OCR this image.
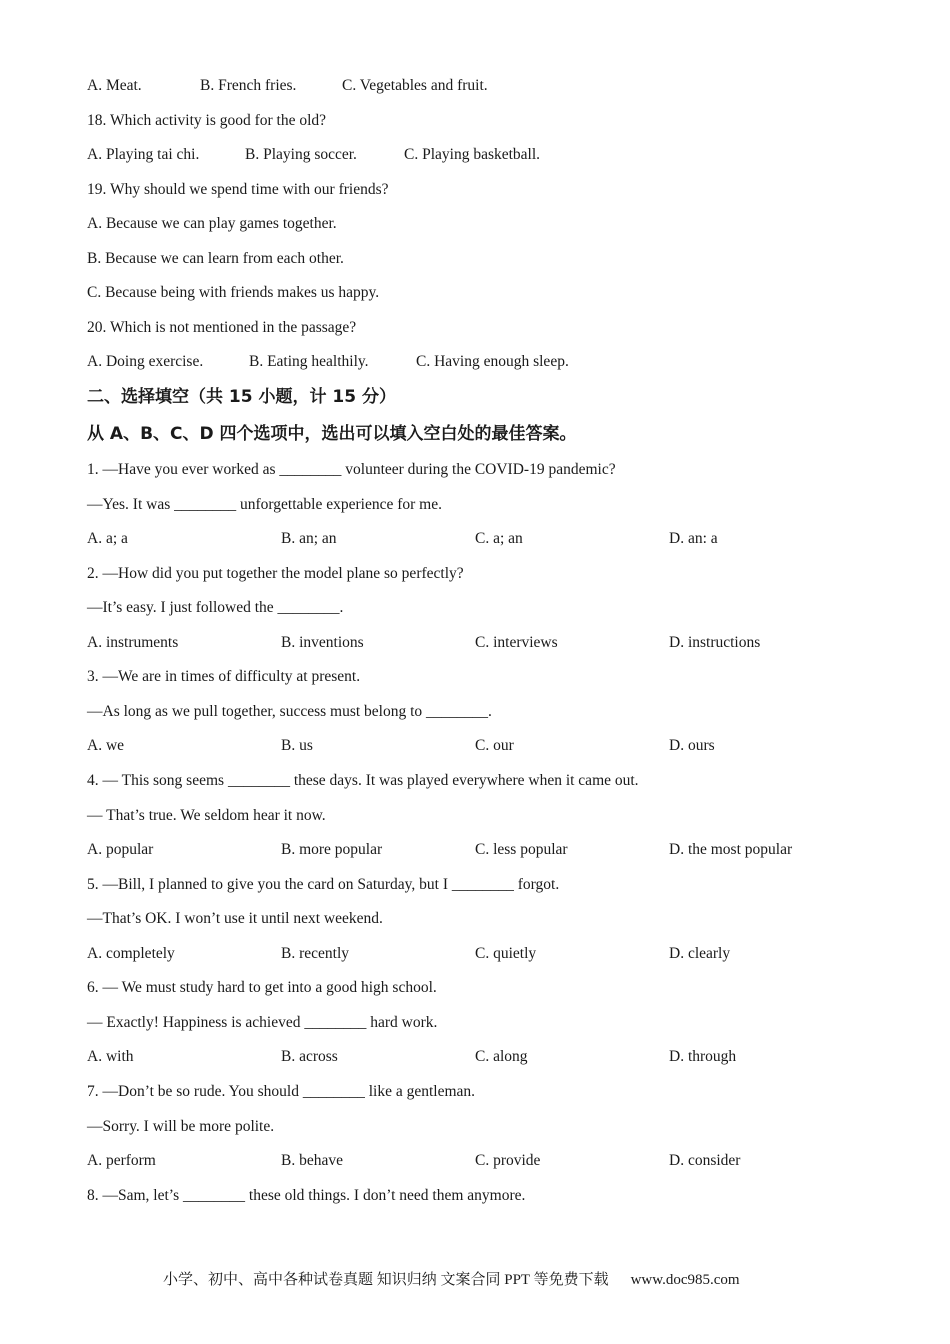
A. Meat.	B. French fries.	C. Vegetables and fruit.
18. Which activity is good for the old?
A. Playing tai chi.	B. Playing soccer.	C. Playing basketball.
19. Why should we spend time with our friends?
A. Because we can play games together.
B. Because we can learn from each other.
C. Because being with friends makes us happy.
20. Which is not mentioned in the passage?
A. Doing exercise.	B. Eating healthily.	C. Having enough sleep.
二、选择填空（共 15 小题，计 15 分）
从 A、B、C、D 四个选项中，选出可以填入空白处的最佳答案。
1. —Have you ever worked as ________ volunteer during the COVID-19 pandemic?
—Yes. It was ________ unforgettable experience for me.
A. a; a	B. an; an	C. a; an	D. an: a
2. —How did you put together the model plane so perfectly?
—It’s easy. I just followed the ________.
A. instruments	B. inventions	C. interviews	D. instructions
3. —We are in times of difficulty at present.
—As long as we pull together, success must belong to ________.
A. we	B. us	C. our	D. ours
4. — This song seems ________ these days. It was played everywhere when it came out.
— That’s true. We seldom hear it now.
A. popular	B. more popular	C. less popular	D. the most popular
5. —Bill, I planned to give you the card on Saturday, but I ________ forgot.
—That’s OK. I won’t use it until next weekend.
A. completely	B. recently	C. quietly	D. clearly
6. — We must study hard to get into a good high school.
— Exactly! Happiness is achieved ________ hard work.
A. with	B. across	C. along	D. through
7. —Don’t be so rude. You should ________ like a gentleman.
—Sorry. I will be more polite.
A. perform	B. behave	C. provide	D. consider
8. —Sam, let’s ________ these old things. I don’t need them anymore.
小学、初中、高中各种试卷真题 知识归纳 文案合同 PPT 等免费下载 www.doc985.com
